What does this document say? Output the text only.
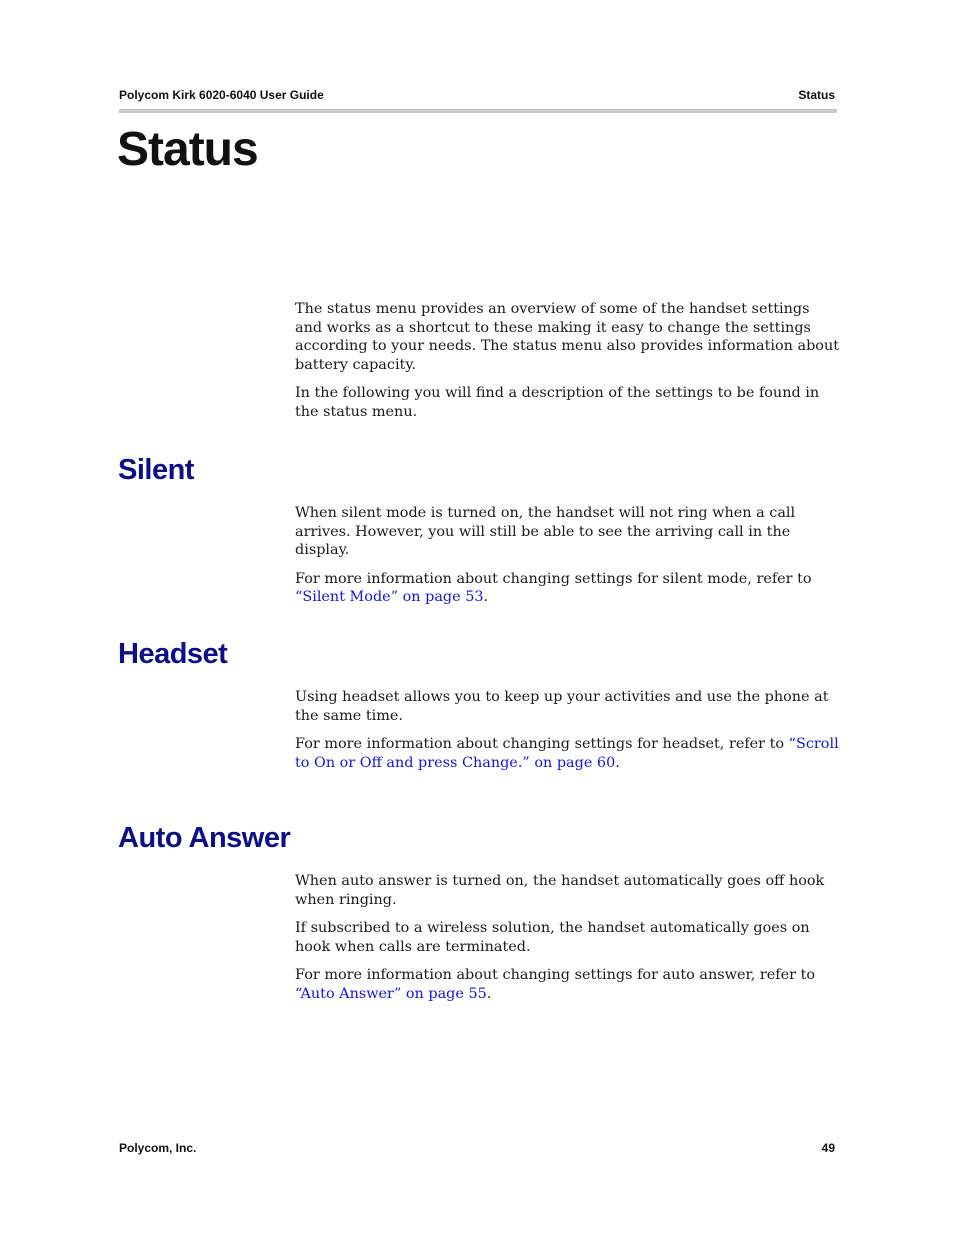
Polycom Kirk 6020-6040 User Guide	Status
Status

The status menu provides an overview of some of the handset settings and works as a shortcut to these making it easy to change the settings according to your needs. The status menu also provides information about battery capacity.

In the following you will find a description of the settings to be found in the status menu.

Silent

When silent mode is turned on, the handset will not ring when a call arrives. However, you will still be able to see the arriving call in the display.

For more information about changing settings for silent mode, refer to “Silent Mode” on page 53.

Headset

Using headset allows you to keep up your activities and use the phone at the same time.

For more information about changing settings for headset, refer to “Scroll to On or Off and press Change.” on page 60.

Auto Answer

When auto answer is turned on, the handset automatically goes off hook when ringing.

If subscribed to a wireless solution, the handset automatically goes on hook when calls are terminated.

For more information about changing settings for auto answer, refer to “Auto Answer” on page 55.

Polycom, Inc.	49
